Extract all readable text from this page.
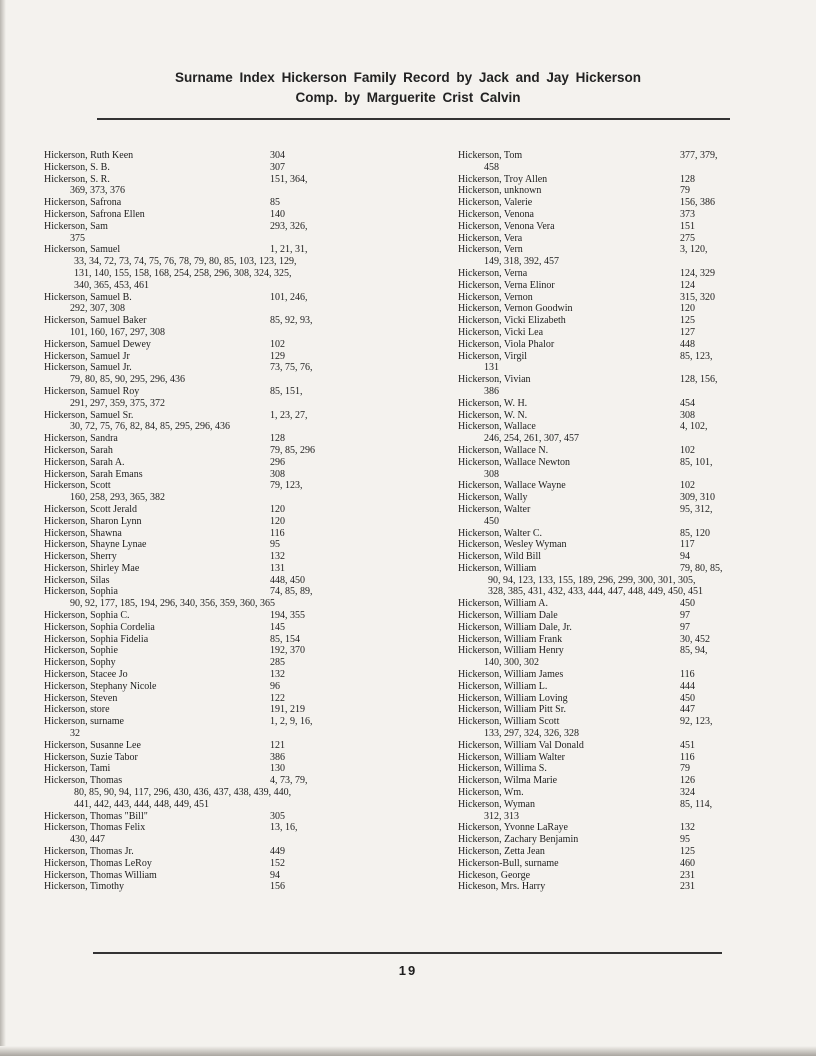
Surname Index Hickerson Family Record by Jack and Jay Hickerson
Comp. by Marguerite Crist Calvin
Hickerson, Ruth Keen	304
Hickerson, S. B.	307
Hickerson, S. R.	151, 364,
369, 373, 376
Hickerson, Safrona	85
Hickerson, Safrona Ellen	140
Hickerson, Sam	293, 326,
375
Hickerson, Samuel	1, 21, 31,
33, 34, 72, 73, 74, 75, 76, 78, 79, 80, 85, 103, 123, 129,
131, 140, 155, 158, 168, 254, 258, 296, 308, 324, 325,
340, 365, 453, 461
Hickerson, Samuel B.	101, 246,
292, 307, 308
Hickerson, Samuel Baker	85, 92, 93,
101, 160, 167, 297, 308
Hickerson, Samuel Dewey	102
Hickerson, Samuel Jr	129
Hickerson, Samuel Jr.	73, 75, 76,
79, 80, 85, 90, 295, 296, 436
Hickerson, Samuel Roy	85, 151,
291, 297, 359, 375, 372
Hickerson, Samuel Sr.	1, 23, 27,
30, 72, 75, 76, 82, 84, 85, 295, 296, 436
Hickerson, Sandra	128
Hickerson, Sarah	79, 85, 296
Hickerson, Sarah A.	296
Hickerson, Sarah Emans	308
Hickerson, Scott	79, 123,
160, 258, 293, 365, 382
Hickerson, Scott Jerald	120
Hickerson, Sharon Lynn	120
Hickerson, Shawna	116
Hickerson, Shayne Lynae	95
Hickerson, Sherry	132
Hickerson, Shirley Mae	131
Hickerson, Silas	448, 450
Hickerson, Sophia	74, 85, 89,
90, 92, 177, 185, 194, 296, 340, 356, 359, 360, 365
Hickerson, Sophia C.	194, 355
Hickerson, Sophia Cordelia	145
Hickerson, Sophia Fidelia	85, 154
Hickerson, Sophie	192, 370
Hickerson, Sophy	285
Hickerson, Stacee Jo	132
Hickerson, Stephany Nicole	96
Hickerson, Steven	122
Hickerson, store	191, 219
Hickerson, surname	1, 2, 9, 16,
32
Hickerson, Susanne Lee	121
Hickerson, Suzie Tabor	386
Hickerson, Tami	130
Hickerson, Thomas	4, 73, 79,
80, 85, 90, 94, 117, 296, 430, 436, 437, 438, 439, 440,
441, 442, 443, 444, 448, 449, 451
Hickerson, Thomas "Bill"	305
Hickerson, Thomas Felix	13, 16,
430, 447
Hickerson, Thomas Jr.	449
Hickerson, Thomas LeRoy	152
Hickerson, Thomas William	94
Hickerson, Timothy	156
Hickerson, Tom	377, 379,
458
Hickerson, Troy Allen	128
Hickerson, unknown	79
Hickerson, Valerie	156, 386
Hickerson, Venona	373
Hickerson, Venona Vera	151
Hickerson, Vera	275
Hickerson, Vern	3, 120,
149, 318, 392, 457
Hickerson, Verna	124, 329
Hickerson, Verna Elinor	124
Hickerson, Vernon	315, 320
Hickerson, Vernon Goodwin	120
Hickerson, Vicki Elizabeth	125
Hickerson, Vicki Lea	127
Hickerson, Viola Phalor	448
Hickerson, Virgil	85, 123,
131
Hickerson, Vivian	128, 156,
386
Hickerson, W. H.	454
Hickerson, W. N.	308
Hickerson, Wallace	4, 102,
246, 254, 261, 307, 457
Hickerson, Wallace N.	102
Hickerson, Wallace Newton	85, 101,
308
Hickerson, Wallace Wayne	102
Hickerson, Wally	309, 310
Hickerson, Walter	95, 312,
450
Hickerson, Walter C.	85, 120
Hickerson, Wesley Wyman	117
Hickerson, Wild Bill	94
Hickerson, William	79, 80, 85,
90, 94, 123, 133, 155, 189, 296, 299, 300, 301, 305,
328, 385, 431, 432, 433, 444, 447, 448, 449, 450, 451
Hickerson, William A.	450
Hickerson, William Dale	97
Hickerson, William Dale, Jr.	97
Hickerson, William Frank	30, 452
Hickerson, William Henry	85, 94,
140, 300, 302
Hickerson, William James	116
Hickerson, William L.	444
Hickerson, William Loving	450
Hickerson, William Pitt Sr.	447
Hickerson, William Scott	92, 123,
133, 297, 324, 326, 328
Hickerson, William Val Donald	451
Hickerson, William Walter	116
Hickerson, Willima S.	79
Hickerson, Wilma Marie	126
Hickerson, Wm.	324
Hickerson, Wyman	85, 114,
312, 313
Hickerson, Yvonne LaRaye	132
Hickerson, Zachary Benjamin	95
Hickerson, Zetta Jean	125
Hickerson-Bull, surname	460
Hickeson, George	231
Hickeson, Mrs. Harry	231
19
